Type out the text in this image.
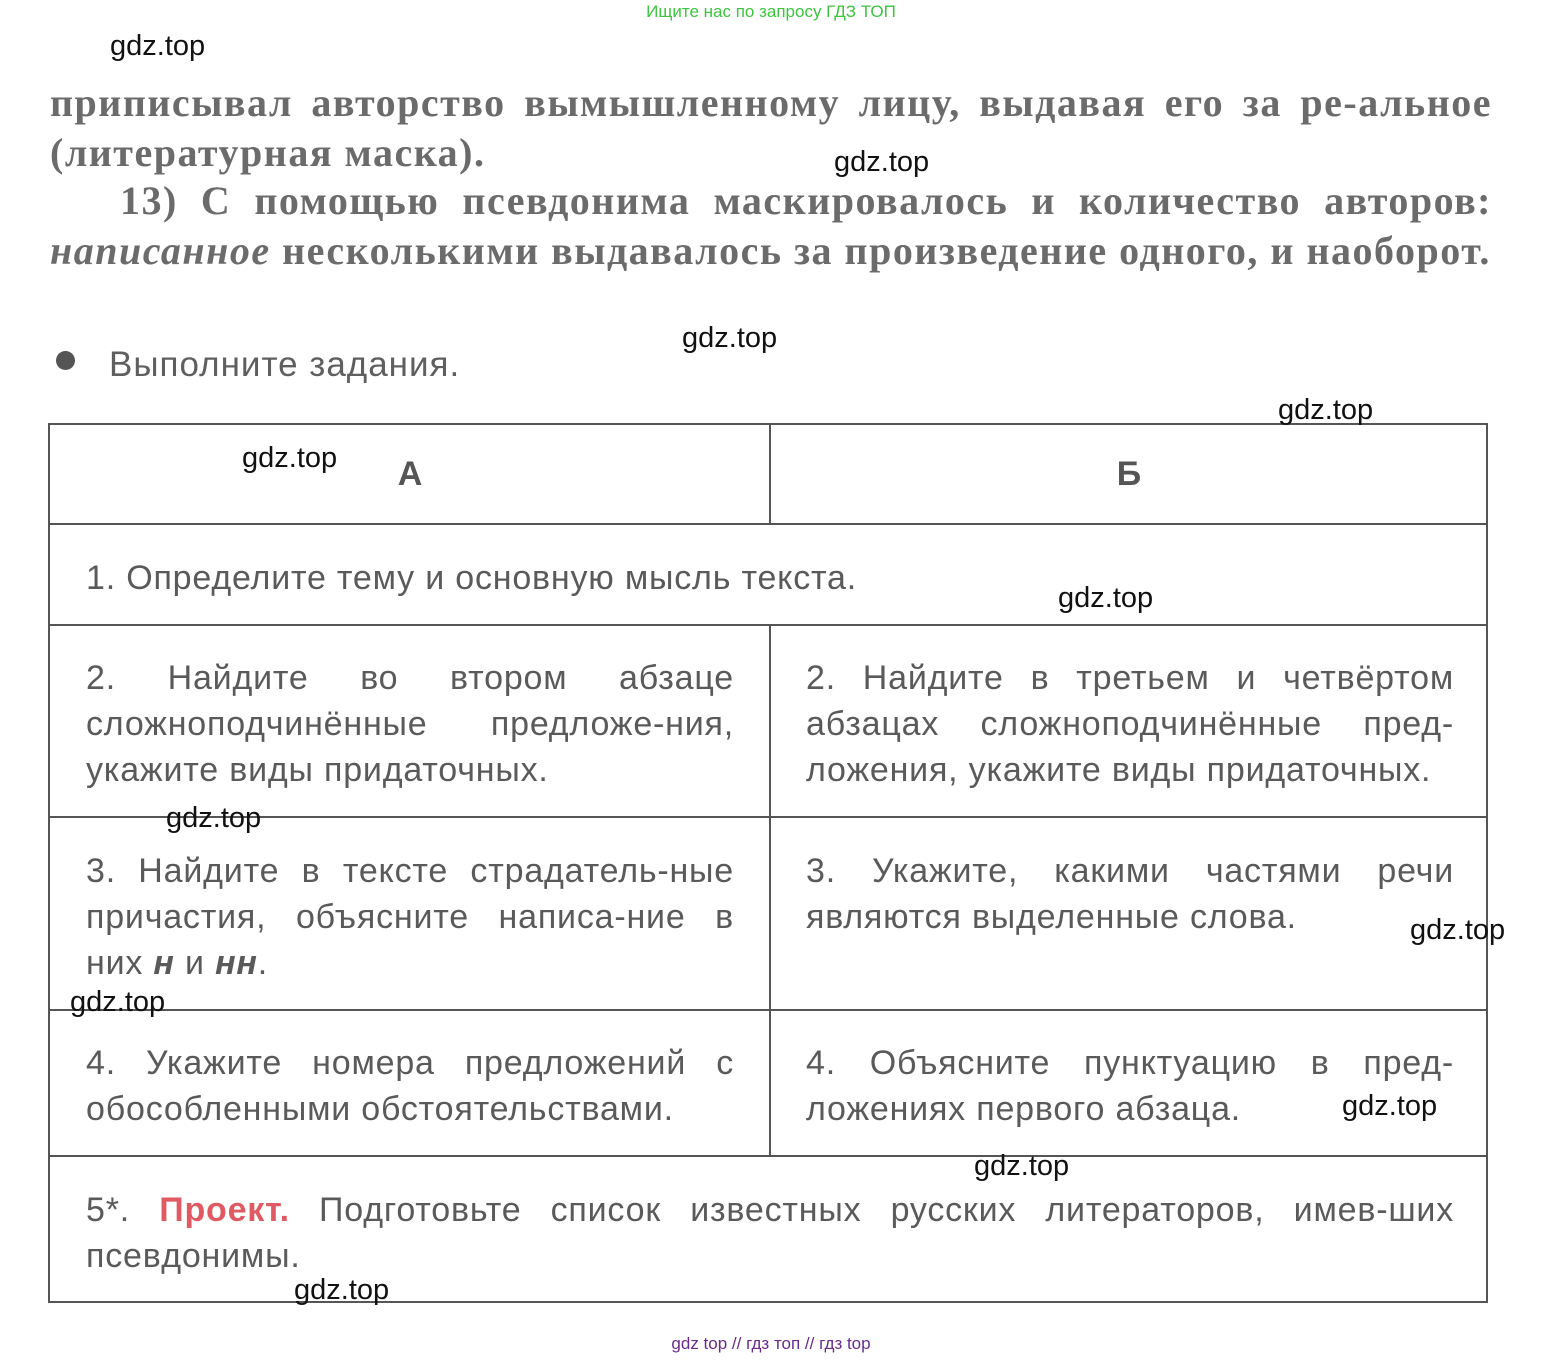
Ищите нас по запросу ГДЗ ТОП
приписывал авторство вымышленному лицу, выдавая его за ре-альное (литературная маска).
13) С помощью псевдонима маскировалось и количество авторов: написанное несколькими выдавалось за произведение одного, и наоборот.
Выполните задания.
А	Б
1. Определите тему и основную мысль текста.
2. Найдите во втором абзаце сложноподчинённые предложе-ния, укажите виды придаточных.
2. Найдите в третьем и четвёртом абзацах сложноподчинённые пред-ложения, укажите виды придаточных.
3. Найдите в тексте страдатель-ные причастия, объясните написа-ние в них н и нн.
3. Укажите, какими частями речи являются выделенные слова.
4. Укажите номера предложений с обособленными обстоятельствами.
4. Объясните пунктуацию в пред-ложениях первого абзаца.
5*. Проект. Подготовьте список известных русских литераторов, имев-ших псевдонимы.
gdz.top
gdz.top
gdz.top
gdz.top
gdz.top
gdz.top
gdz.top
gdz.top
gdz.top
gdz.top
gdz.top
gdz.top
gdz top // гдз топ // гдз top
